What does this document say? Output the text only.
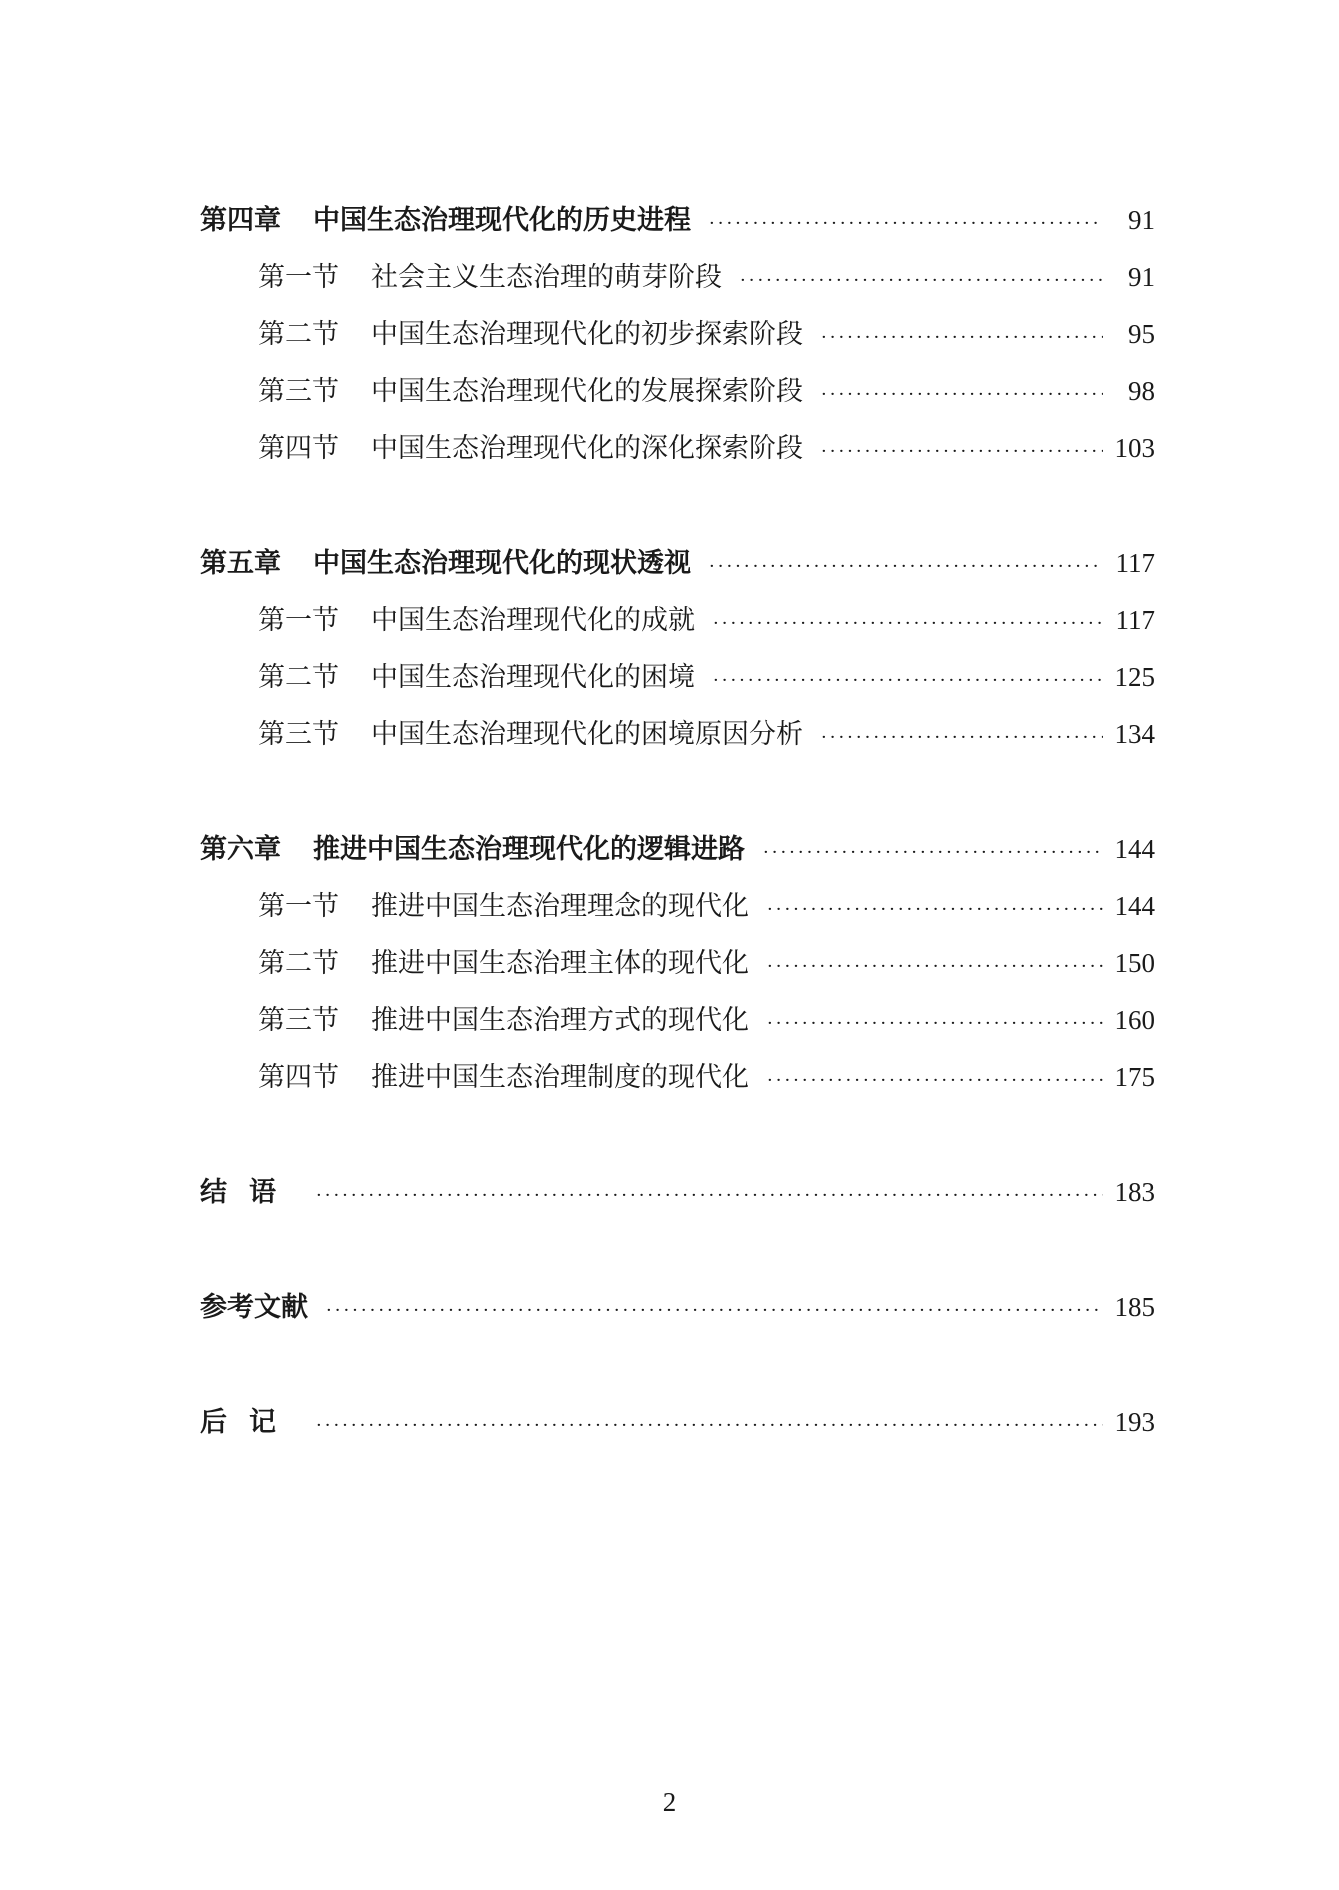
第四章 中国生态治理现代化的历史进程 ·····	91
第一节 社会主义生态治理的萌芽阶段 ·····	91
第二节 中国生态治理现代化的初步探索阶段 ·····	95
第三节 中国生态治理现代化的发展探索阶段 ·····	98
第四节 中国生态治理现代化的深化探索阶段 ·····	103
第五章 中国生态治理现代化的现状透视 ·····	117
第一节 中国生态治理现代化的成就 ·····	117
第二节 中国生态治理现代化的困境 ·····	125
第三节 中国生态治理现代化的困境原因分析 ·····	134
第六章 推进中国生态治理现代化的逻辑进路 ·····	144
第一节 推进中国生态治理理念的现代化 ·····	144
第二节 推进中国生态治理主体的现代化 ·····	150
第三节 推进中国生态治理方式的现代化 ·····	160
第四节 推进中国生态治理制度的现代化 ·····	175
结语 ·····	183
参考文献 ·····	185
后记 ·····	193
2
